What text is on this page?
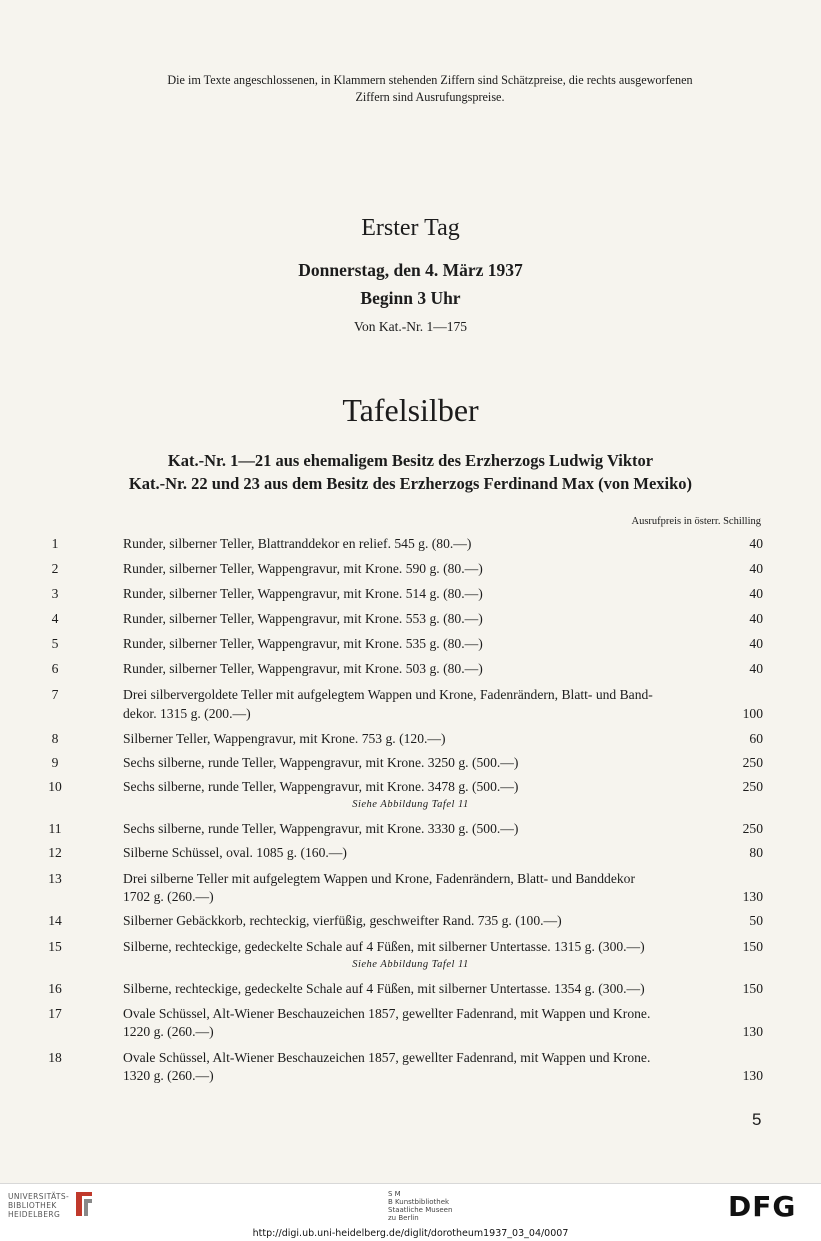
Die im Texte angeschlossenen, in Klammern stehenden Ziffern sind Schätzpreise, die rechts ausgeworfenen
Ziffern sind Ausrufungspreise.
Erster Tag
Donnerstag, den 4. März 1937
Beginn 3 Uhr
Von Kat.-Nr. 1—175
Tafelsilber
Kat.-Nr. 1—21 aus ehemaligem Besitz des Erzherzogs Ludwig Viktor
Kat.-Nr. 22 und 23 aus dem Besitz des Erzherzogs Ferdinand Max (von Mexiko)
Ausrufpreis in österr. Schilling
1	Runder, silberner Teller, Blattranddekor en relief. 545 g. (80.—)	40
2	Runder, silberner Teller, Wappengravur, mit Krone. 590 g. (80.—)	40
3	Runder, silberner Teller, Wappengravur, mit Krone. 514 g. (80.—)	40
4	Runder, silberner Teller, Wappengravur, mit Krone. 553 g. (80.—)	40
5	Runder, silberner Teller, Wappengravur, mit Krone. 535 g. (80.—)	40
6	Runder, silberner Teller, Wappengravur, mit Krone. 503 g. (80.—)	40
7	Drei silbervergoldete Teller mit aufgelegtem Wappen und Krone, Fadenrändern, Blatt- und Band-
dekor. 1315 g. (200.—)	100
8	Silberner Teller, Wappengravur, mit Krone. 753 g. (120.—)	60
9	Sechs silberne, runde Teller, Wappengravur, mit Krone. 3250 g. (500.—)	250
10	Sechs silberne, runde Teller, Wappengravur, mit Krone. 3478 g. (500.—)	250
Siehe Abbildung Tafel 11
11	Sechs silberne, runde Teller, Wappengravur, mit Krone. 3330 g. (500.—)	250
12	Silberne Schüssel, oval. 1085 g. (160.—)	80
13	Drei silberne Teller mit aufgelegtem Wappen und Krone, Fadenrändern, Blatt- und Banddekor
1702 g. (260.—)	130
14	Silberner Gebäckkorb, rechteckig, vierfüßig, geschweifter Rand. 735 g. (100.—)	50
15	Silberne, rechteckige, gedeckelte Schale auf 4 Füßen, mit silberner Untertasse. 1315 g. (300.—)	150
Siehe Abbildung Tafel 11
16	Silberne, rechteckige, gedeckelte Schale auf 4 Füßen, mit silberner Untertasse. 1354 g. (300.—)	150
17	Ovale Schüssel, Alt-Wiener Beschauzeichen 1857, gewellter Fadenrand, mit Wappen und Krone.
1220 g. (260.—)	130
18	Ovale Schüssel, Alt-Wiener Beschauzeichen 1857, gewellter Fadenrand, mit Wappen und Krone.
1320 g. (260.—)	130
5
UNIVERSITÄTS-
BIBLIOTHEK
HEIDELBERG
S M
B Kunstbibliothek
Staatliche Museen
zu Berlin	DFG
http://digi.ub.uni-heidelberg.de/diglit/dorotheum1937_03_04/0007
